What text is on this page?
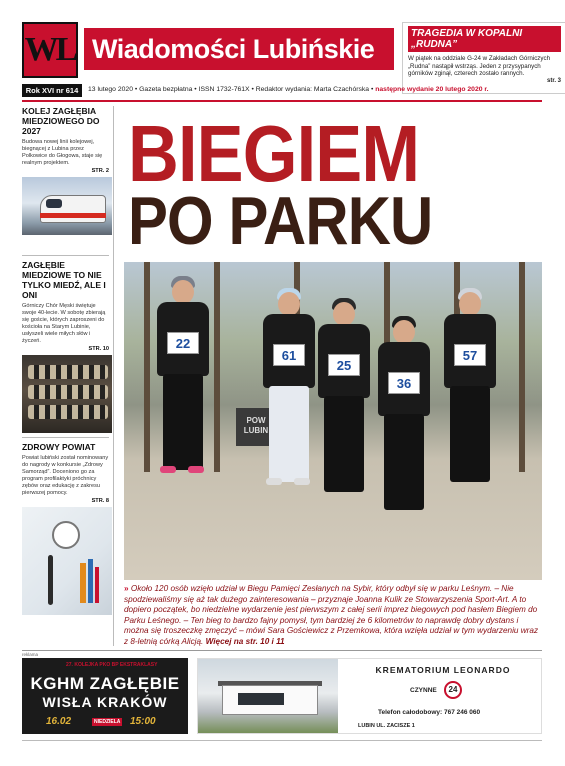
WL Wiadomości Lubińskie	TRAGEDIA W KOPALNI „RUDNA”
W piątek na oddziale G-24 w Zakładach Górniczych „Rudna” nastąpił wstrząs. Jeden z przysypanych górników zginął, czterech zostało rannych.
str. 3
Rok XVI nr 614	13 lutego 2020 • Gazeta bezpłatna • ISSN 1732-761X • Redaktor wydania: Marta Czachórska • następne wydanie 20 lutego 2020 r.
KOLEJ ZAGŁĘBIA MIEDZIOWEGO DO 2027
Budowa nowej linii kolejowej, biegnącej z Lubina przez Polkowice do Głogowa, staje się realnym projektem.
STR. 2
ZAGŁĘBIE MIEDZIOWE TO NIE TYLKO MIEDŹ, ALE I ONI
Górniczy Chór Męski świętuje swoje 40-lecie. W sobotę zbierają się goście, których zaproszeni do kościoła na Starym Lubinie, usłyszeli wiele miłych słów i życzeń.
STR. 10
ZDROWY POWIAT
Powiat lubiński został nominowany do nagrody w konkursie „Zdrowy Samorząd”. Doceniono go za program profilaktyki próchnicy zębów oraz edukację z zakresu pierwszej pomocy.
STR. 8
BIEGIEM
PO PARKU
POW LUBIN
22
61
25
36
57
» Około 120 osób wzięło udział w Biegu Pamięci Zesłanych na Sybir, który odbył się w parku Leśnym. – Nie spodziewaliśmy się aż tak dużego zainteresowania – przyznaje Joanna Kulik ze Stowarzyszenia Sport-Art. A to dopiero początek, bo niedzielne wydarzenie jest pierwszym z całej serii imprez biegowych pod hasłem Biegiem do Parku Leśnego. – Ten bieg to bardzo fajny pomysł, tym bardziej że 6 kilometrów to naprawdę dobry dystans i można się troszeczkę zmęczyć – mówi Sara Gościewicz z Przemkowa, która wzięła udział w tym wydarzeniu wraz z 8-letnią córką Alicją. Więcej na str. 10 i 11
reklama
27. KOLEJKA PKO BP EKSTRAKLASY
KGHM ZAGŁĘBIE
WISŁA KRAKÓW
16.02	NIEDZIELA 15:00
KREMATORIUM LEONARDO
CZYNNE	24
Telefon całodobowy: 767 246 060
LUBIN UL. ZACISZE 1
